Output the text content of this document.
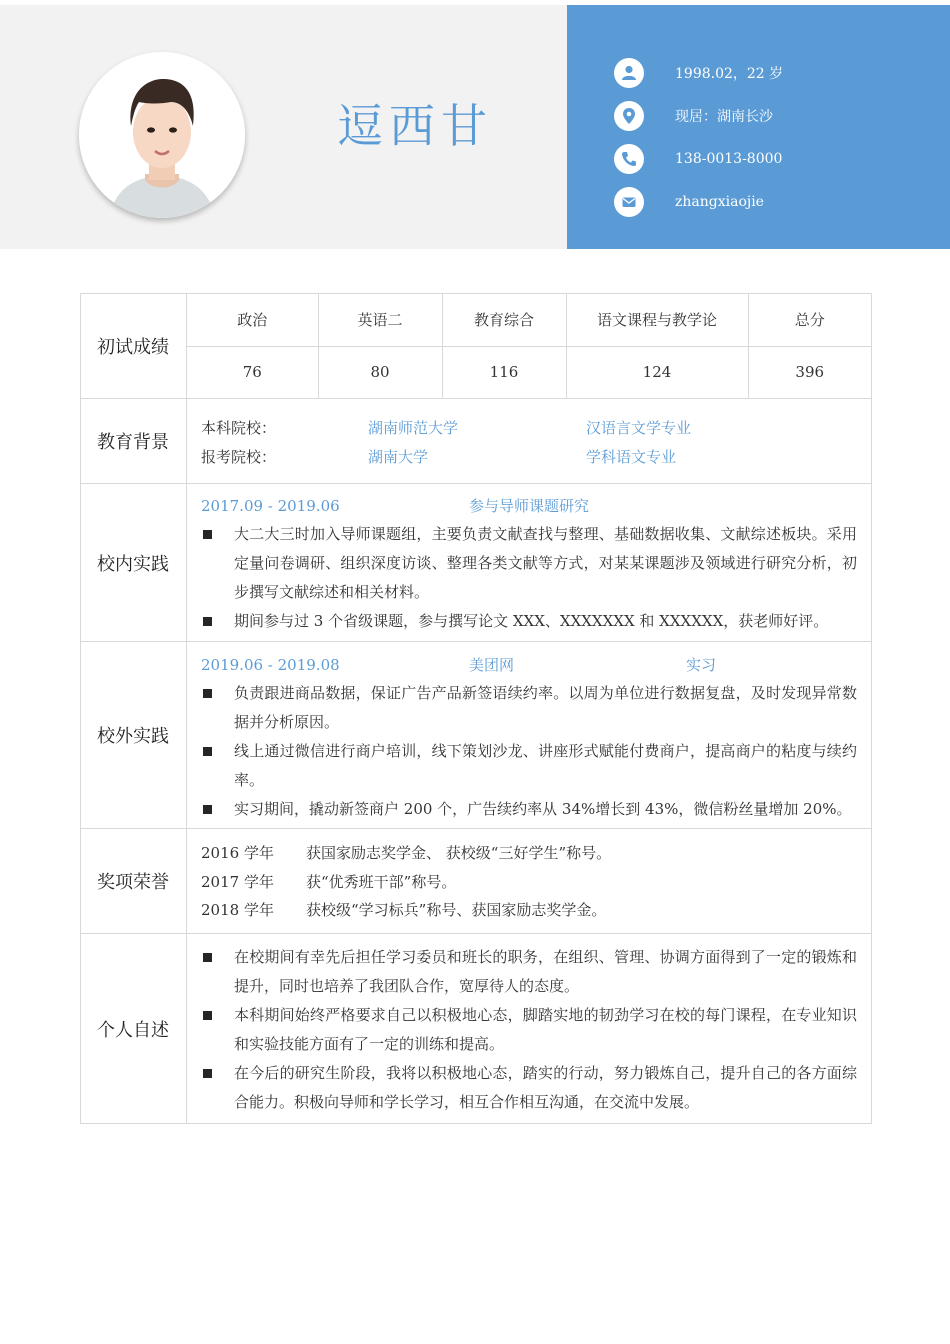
逗西甘
1998.02，22 岁
现居：湖南长沙
138-0013-8000
zhangxiaojie
初试成绩	
政治	英语二	教育综合	语文课程与教学论	总分
76	80	116	124	396

教育背景	
本科院校：	湖南师范大学	汉语言文学专业
报考院校：	湖南大学	学科语文专业

校内实践	
2017.09 - 2019.06	参与导师课题研究
大二大三时加入导师课题组，主要负责文献查找与整理、基础数据收集、文献综述板块。采用定量问卷调研、组织深度访谈、整理各类文献等方式，对某某课题涉及领域进行研究分析，初步撰写文献综述和相关材料。
期间参与过 3 个省级课题，参与撰写论文 XXX、XXXXXXX 和 XXXXXX，获老师好评。

校外实践	
2019.06 - 2019.08	美团网	实习
负责跟进商品数据，保证广告产品新签语续约率。以周为单位进行数据复盘，及时发现异常数据并分析原因。
线上通过微信进行商户培训，线下策划沙龙、讲座形式赋能付费商户，提高商户的粘度与续约率。
实习期间，撬动新签商户 200 个，广告续约率从 34%增长到 43%，微信粉丝量增加 20%。

奖项荣誉	
2016 学年	获国家励志奖学金、 获校级“三好学生”称号。
2017 学年	获“优秀班干部”称号。
2018 学年	获校级“学习标兵”称号、获国家励志奖学金。

个人自述	
在校期间有幸先后担任学习委员和班长的职务，在组织、管理、协调方面得到了一定的锻炼和提升，同时也培养了我团队合作，宽厚待人的态度。
本科期间始终严格要求自己以积极地心态，脚踏实地的韧劲学习在校的每门课程，在专业知识和实验技能方面有了一定的训练和提高。
在今后的研究生阶段，我将以积极地心态，踏实的行动，努力锻炼自己，提升自己的各方面综合能力。积极向导师和学长学习，相互合作相互沟通，在交流中发展。
